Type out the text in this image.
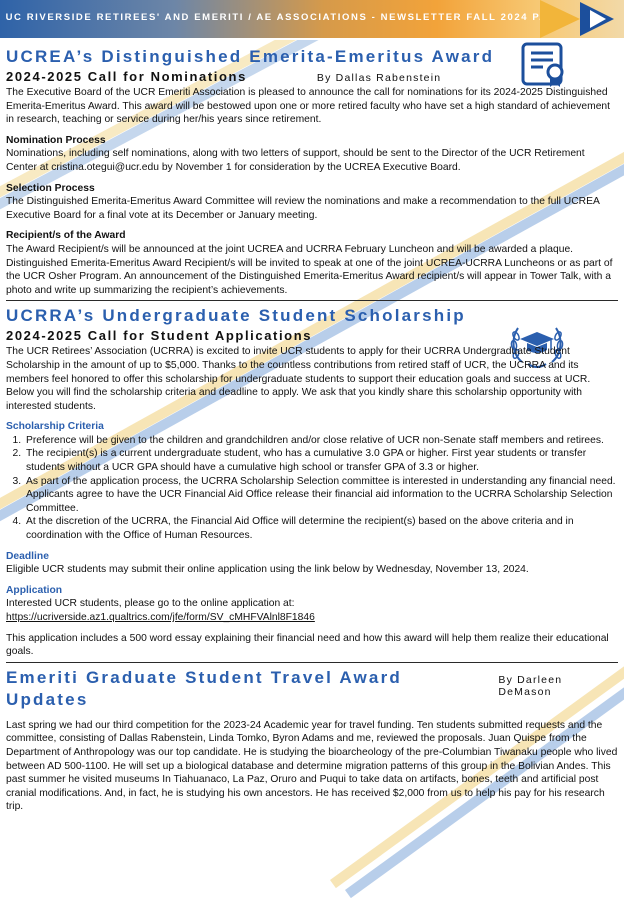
UC RIVERSIDE RETIREES' AND EMERITI / AE ASSOCIATIONS - NEWSLETTER FALL 2024 P. 7
UCREA’s Distinguished Emerita-Emeritus Award
2024-2025 Call for Nominations	By Dallas Rabenstein

The Executive Board of the UCR Emeriti Association is pleased to announce the call for nominations for its 2024-2025 Distinguished Emerita-Emeritus Award. This award will be bestowed upon one or more retired faculty who have set a high standard of achievement in research, teaching or service during her/his years since retirement.

Nomination Process

Nominations, including self nominations, along with two letters of support, should be sent to the Director of the UCR Retirement Center at cristina.otegui@ucr.edu by November 1 for consideration by the UCREA Executive Board.

Selection Process

The Distinguished Emerita-Emeritus Award Committee will review the nominations and make a recommendation to the full UCREA Executive Board for a final vote at its December or January meeting.

Recipient/s of the Award

The Award Recipient/s will be announced at the joint UCREA and UCRRA February Luncheon and will be awarded a plaque. Distinguished Emerita-Emeritus Award Recipient/s will be invited to speak at one of the joint UCREA-UCRRA Luncheons or as part of the UCR Osher Program. An announcement of the Distinguished Emerita-Emeritus Award recipient/s will appear in Tower Talk, with a photo and write up summarizing the recipient’s achievements.

UCRRA’s Undergraduate Student Scholarship
2024-2025 Call for Student Applications

The UCR Retirees’ Association (UCRRA) is excited to invite UCR students to apply for their UCRRA Undergraduate Student Scholarship in the amount of up to $5,000. Thanks to the countless contributions from retired staff of UCR, the UCRRA and its members feel honored to offer this scholarship for undergraduate students to support their education goals and success at UCR. Below you will find the scholarship criteria and deadline to apply. We ask that you kindly share this scholarship opportunity with interested students.

Scholarship Criteria
1. Preference will be given to the children and grandchildren and/or close relative of UCR non-Senate staff members and retirees.
2. The recipient(s) is a current undergraduate student, who has a cumulative 3.0 GPA or higher. First year students or transfer students without a UCR GPA should have a cumulative high school or transfer GPA of 3.3 or higher.
3. As part of the application process, the UCRRA Scholarship Selection committee is interested in understanding any financial need. Applicants agree to have the UCR Financial Aid Office release their financial aid information to the UCRRA Scholarship Selection Committee.
4. At the discretion of the UCRRA, the Financial Aid Office will determine the recipient(s) based on the above criteria and in coordination with the Office of Human Resources.
Deadline

Eligible UCR students may submit their online application using the link below by Wednesday, November 13, 2024.

Application

Interested UCR students, please go to the online application at:

https://ucriverside.az1.qualtrics.com/jfe/form/SV_cMHFVAlnl8F1846

This application includes a 500 word essay explaining their financial need and how this award will help them realize their educational goals.

Emeriti Graduate Student Travel Award Updates
By Darleen DeMason

Last spring we had our third competition for the 2023-24 Academic year for travel funding. Ten students submitted requests and the committee, consisting of Dallas Rabenstein, Linda Tomko, Byron Adams and me, reviewed the proposals. Juan Quispe from the Department of Anthropology was our top candidate. He is studying the bioarcheology of the pre-Columbian Tiwanaku people who lived between AD 500-1100. He will set up a biological database and determine migration patterns of this group in the Bolivian Andes. This past summer he visited museums In Tiahuanaco, La Paz, Oruro and Puqui to take data on artifacts, bones, teeth and artificial post cranial modifications. And, in fact, he is studying his own ancestors. He has received $2,000 from us to help his pay for his research trip.
